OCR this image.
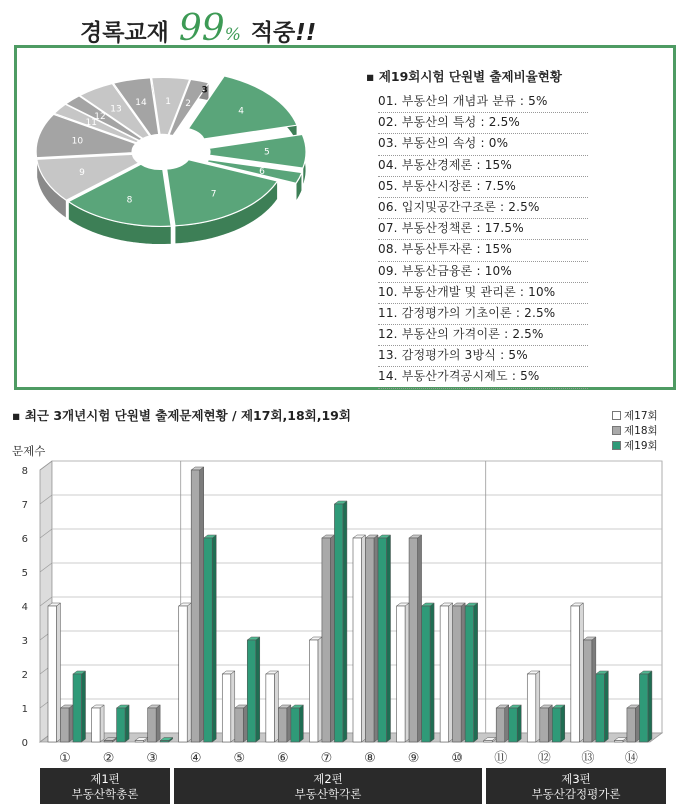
경록교재 99 % 적중 !!
1
14	2
3
13
12
4
11
10
5
6
9
7
8
▪ 제19회시험 단원별 출제비율현황
01. 부동산의 개념과 분류 : 5%
02. 부동산의 특성 : 2.5%
03. 부동산의 속성 : 0%
04. 부동산경제론 : 15%
05. 부동산시장론 : 7.5%
06. 입지및공간구조론 : 2.5%
07. 부동산정책론 : 17.5%
08. 부동산투자론 : 15%
09. 부동산금융론 : 10%
10. 부동산개발 및 관리론 : 10%
11. 감정평가의 기초이론 : 2.5%
12. 부동산의 가격이론 : 2.5%
13. 감정평가의 3방식 : 5%
14. 부동산가격공시제도 : 5%
▪ 최근 3개년시험 단원별 출제문제현황 / 제17회,18회,19회	제17회
제18회
제19회
문제수
0
1
2
3
4
5
6
7
8
① ② ③ ④ ⑤ ⑥ ⑦ ⑧ ⑨ ⑩ ⑪ ⑫ ⑬ ⑭
제1편
부동산학총론
제2편
부동산학각론
제3편
부동산감정평가론
